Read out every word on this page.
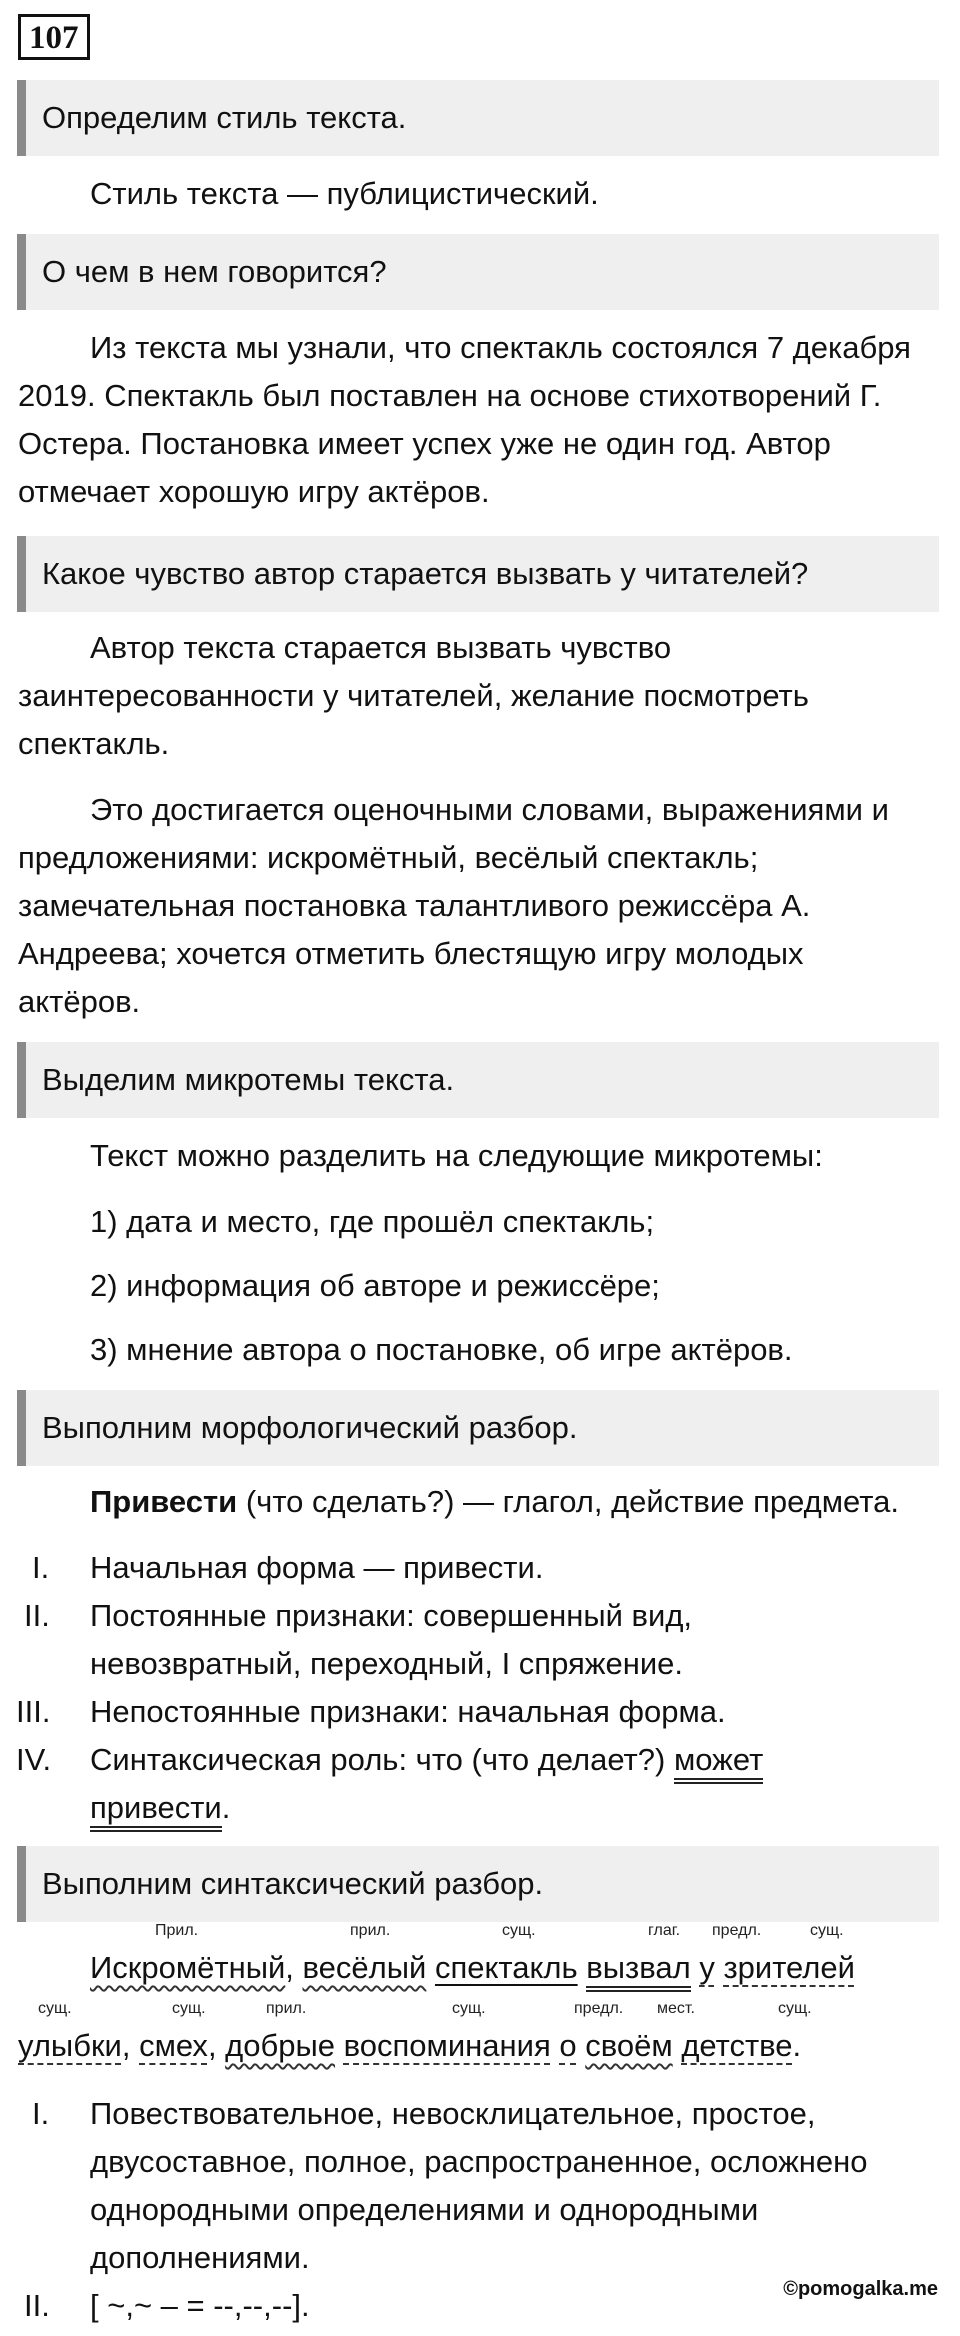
107
Определим стиль текста.
Стиль текста — публицистический.
О чем в нем говорится?
Из текста мы узнали, что спектакль состоялся 7 декабря
2019. Спектакль был поставлен на основе стихотворений Г.
Остера. Постановка имеет успех уже не один год. Автор
отмечает хорошую игру актёров.
Какое чувство автор старается вызвать у читателей?
Автор текста старается вызвать чувство
заинтересованности у читателей, желание посмотреть
спектакль.
Это достигается оценочными словами, выражениями и
предложениями: искромётный, весёлый спектакль;
замечательная постановка талантливого режиссёра А.
Андреева; хочется отметить блестящую игру молодых
актёров.
Выделим микротемы текста.
Текст можно разделить на следующие микротемы:
1) дата и место, где прошёл спектакль;
2) информация об авторе и режиссёре;
3) мнение автора о постановке, об игре актёров.
Выполним морфологический разбор.
Привести (что сделать?) — глагол, действие предмета.
I. Начальная форма — привести.
II. Постоянные признаки: совершенный вид,
невозвратный, переходный, I спряжение.
III. Непостоянные признаки: начальная форма.
IV. Синтаксическая роль: что (что делает?) может
привести.
Выполним синтаксический разбор.
Прил.	прил.	сущ.	глаг. предл.	сущ.
Искромётный, весёлый спектакль вызвал у зрителей
сущ.	сущ.	прил.	сущ.	предл. мест.	сущ.
улыбки, смех, добрые воспоминания о своём детстве.
I. Повествовательное, невосклицательное, простое,
двусоставное, полное, распространенное, осложнено
однородными определениями и однородными
дополнениями.
II. [ ~,~ – = --,--,--].	©pomogalka.me
